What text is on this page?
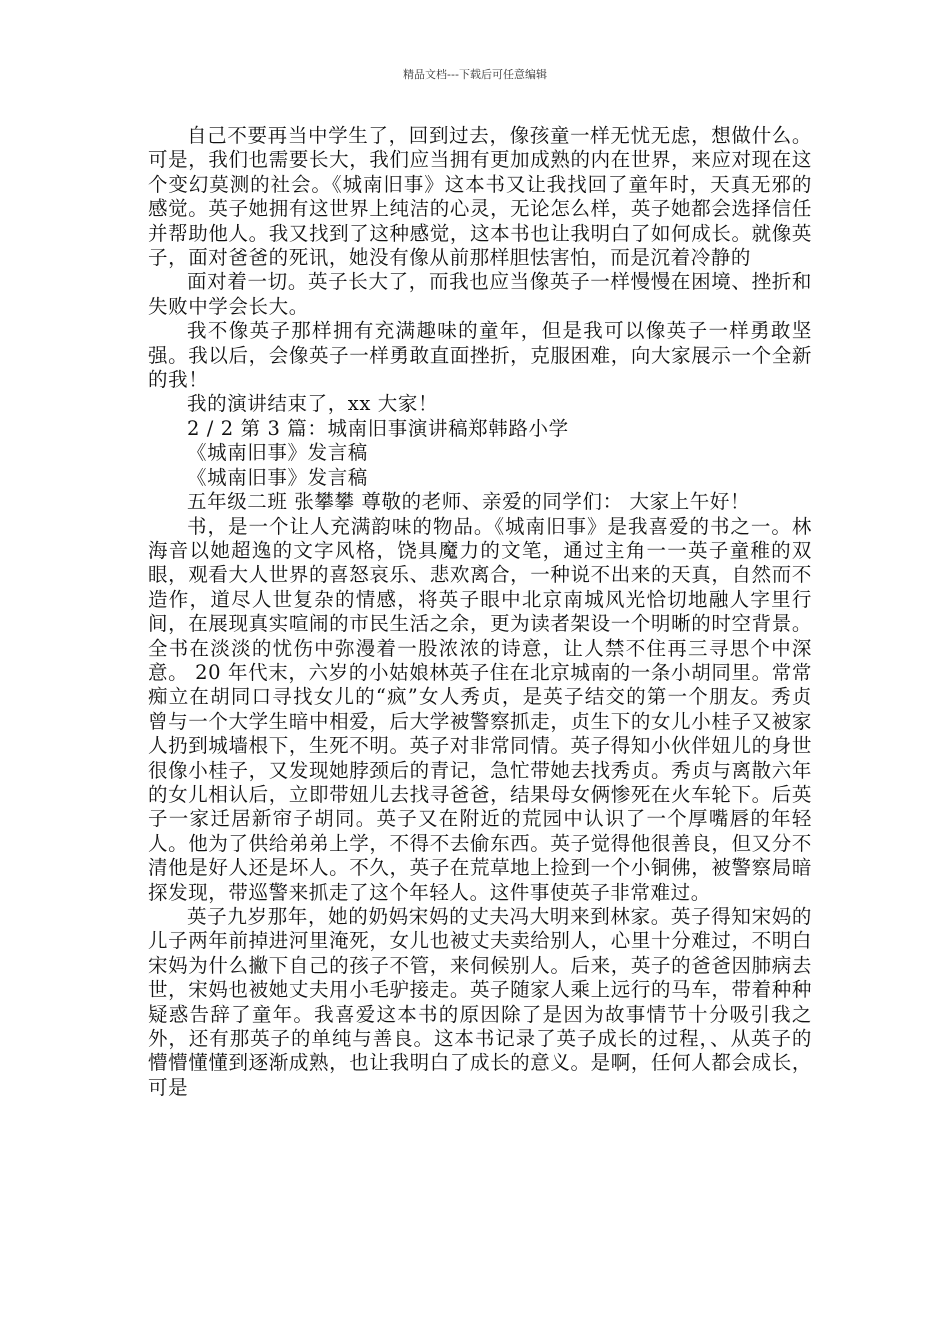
精品文档---下载后可任意编辑

自己不要再当中学生了，回到过去，像孩童一样无忧无虑，想做什么。可是，我们也需要长大，我们应当拥有更加成熟的内在世界，来应对现在这个变幻莫测的社会。《城南旧事》这本书又让我找回了童年时，天真无邪的感觉。英子她拥有这世界上纯洁的心灵，无论怎么样，英子她都会选择信任并帮助他人。我又找到了这种感觉，这本书也让我明白了如何成长。就像英子，面对爸爸的死讯，她没有像从前那样胆怯害怕，而是沉着冷静的

面对着一切。英子长大了，而我也应当像英子一样慢慢在困境、挫折和失败中学会长大。

我不像英子那样拥有充满趣味的童年，但是我可以像英子一样勇敢坚强。我以后，会像英子一样勇敢直面挫折，克服困难，向大家展示一个全新的我！

我的演讲结束了，xx 大家！

2 / 2 第 3 篇：城南旧事演讲稿郑韩路小学

《城南旧事》发言稿

《城南旧事》发言稿

五年级二班 张攀攀 尊敬的老师、亲爱的同学们： 大家上午好！

书，是一个让人充满韵味的物品。《城南旧事》是我喜爱的书之一。林海音以她超逸的文字风格，饶具魔力的文笔，通过主角一一英子童稚的双眼，观看大人世界的喜怒哀乐、悲欢离合，一种说不出来的天真，自然而不造作，道尽人世复杂的情感，将英子眼中北京南城风光恰切地融人字里行间，在展现真实喧闹的市民生活之余，更为读者架设一个明晰的时空背景。全书在淡淡的忧伤中弥漫着一股浓浓的诗意，让人禁不住再三寻思个中深意。 20 年代末，六岁的小姑娘林英子住在北京城南的一条小胡同里。常常痴立在胡同口寻找女儿的“疯”女人秀贞，是英子结交的第一个朋友。秀贞曾与一个大学生暗中相爱，后大学被警察抓走，贞生下的女儿小桂子又被家人扔到城墙根下，生死不明。英子对非常同情。英子得知小伙伴妞儿的身世很像小桂子，又发现她脖颈后的青记，急忙带她去找秀贞。秀贞与离散六年的女儿相认后，立即带妞儿去找寻爸爸，结果母女俩惨死在火车轮下。后英子一家迁居新帘子胡同。英子又在附近的荒园中认识了一个厚嘴唇的年轻人。他为了供给弟弟上学，不得不去偷东西。英子觉得他很善良，但又分不清他是好人还是坏人。不久，英子在荒草地上捡到一个小铜佛，被警察局暗探发现，带巡警来抓走了这个年轻人。这件事使英子非常难过。

英子九岁那年，她的奶妈宋妈的丈夫冯大明来到林家。英子得知宋妈的儿子两年前掉进河里淹死，女儿也被丈夫卖给别人，心里十分难过，不明白宋妈为什么撇下自己的孩子不管，来伺候别人。后来，英子的爸爸因肺病去世，宋妈也被她丈夫用小毛驴接走。英子随家人乘上远行的马车，带着种种疑惑告辞了童年。我喜爱这本书的原因除了是因为故事情节十分吸引我之外，还有那英子的单纯与善良。这本书记录了英子成长的过程，、从英子的懵懵懂懂到逐渐成熟，也让我明白了成长的意义。是啊，任何人都会成长，可是
